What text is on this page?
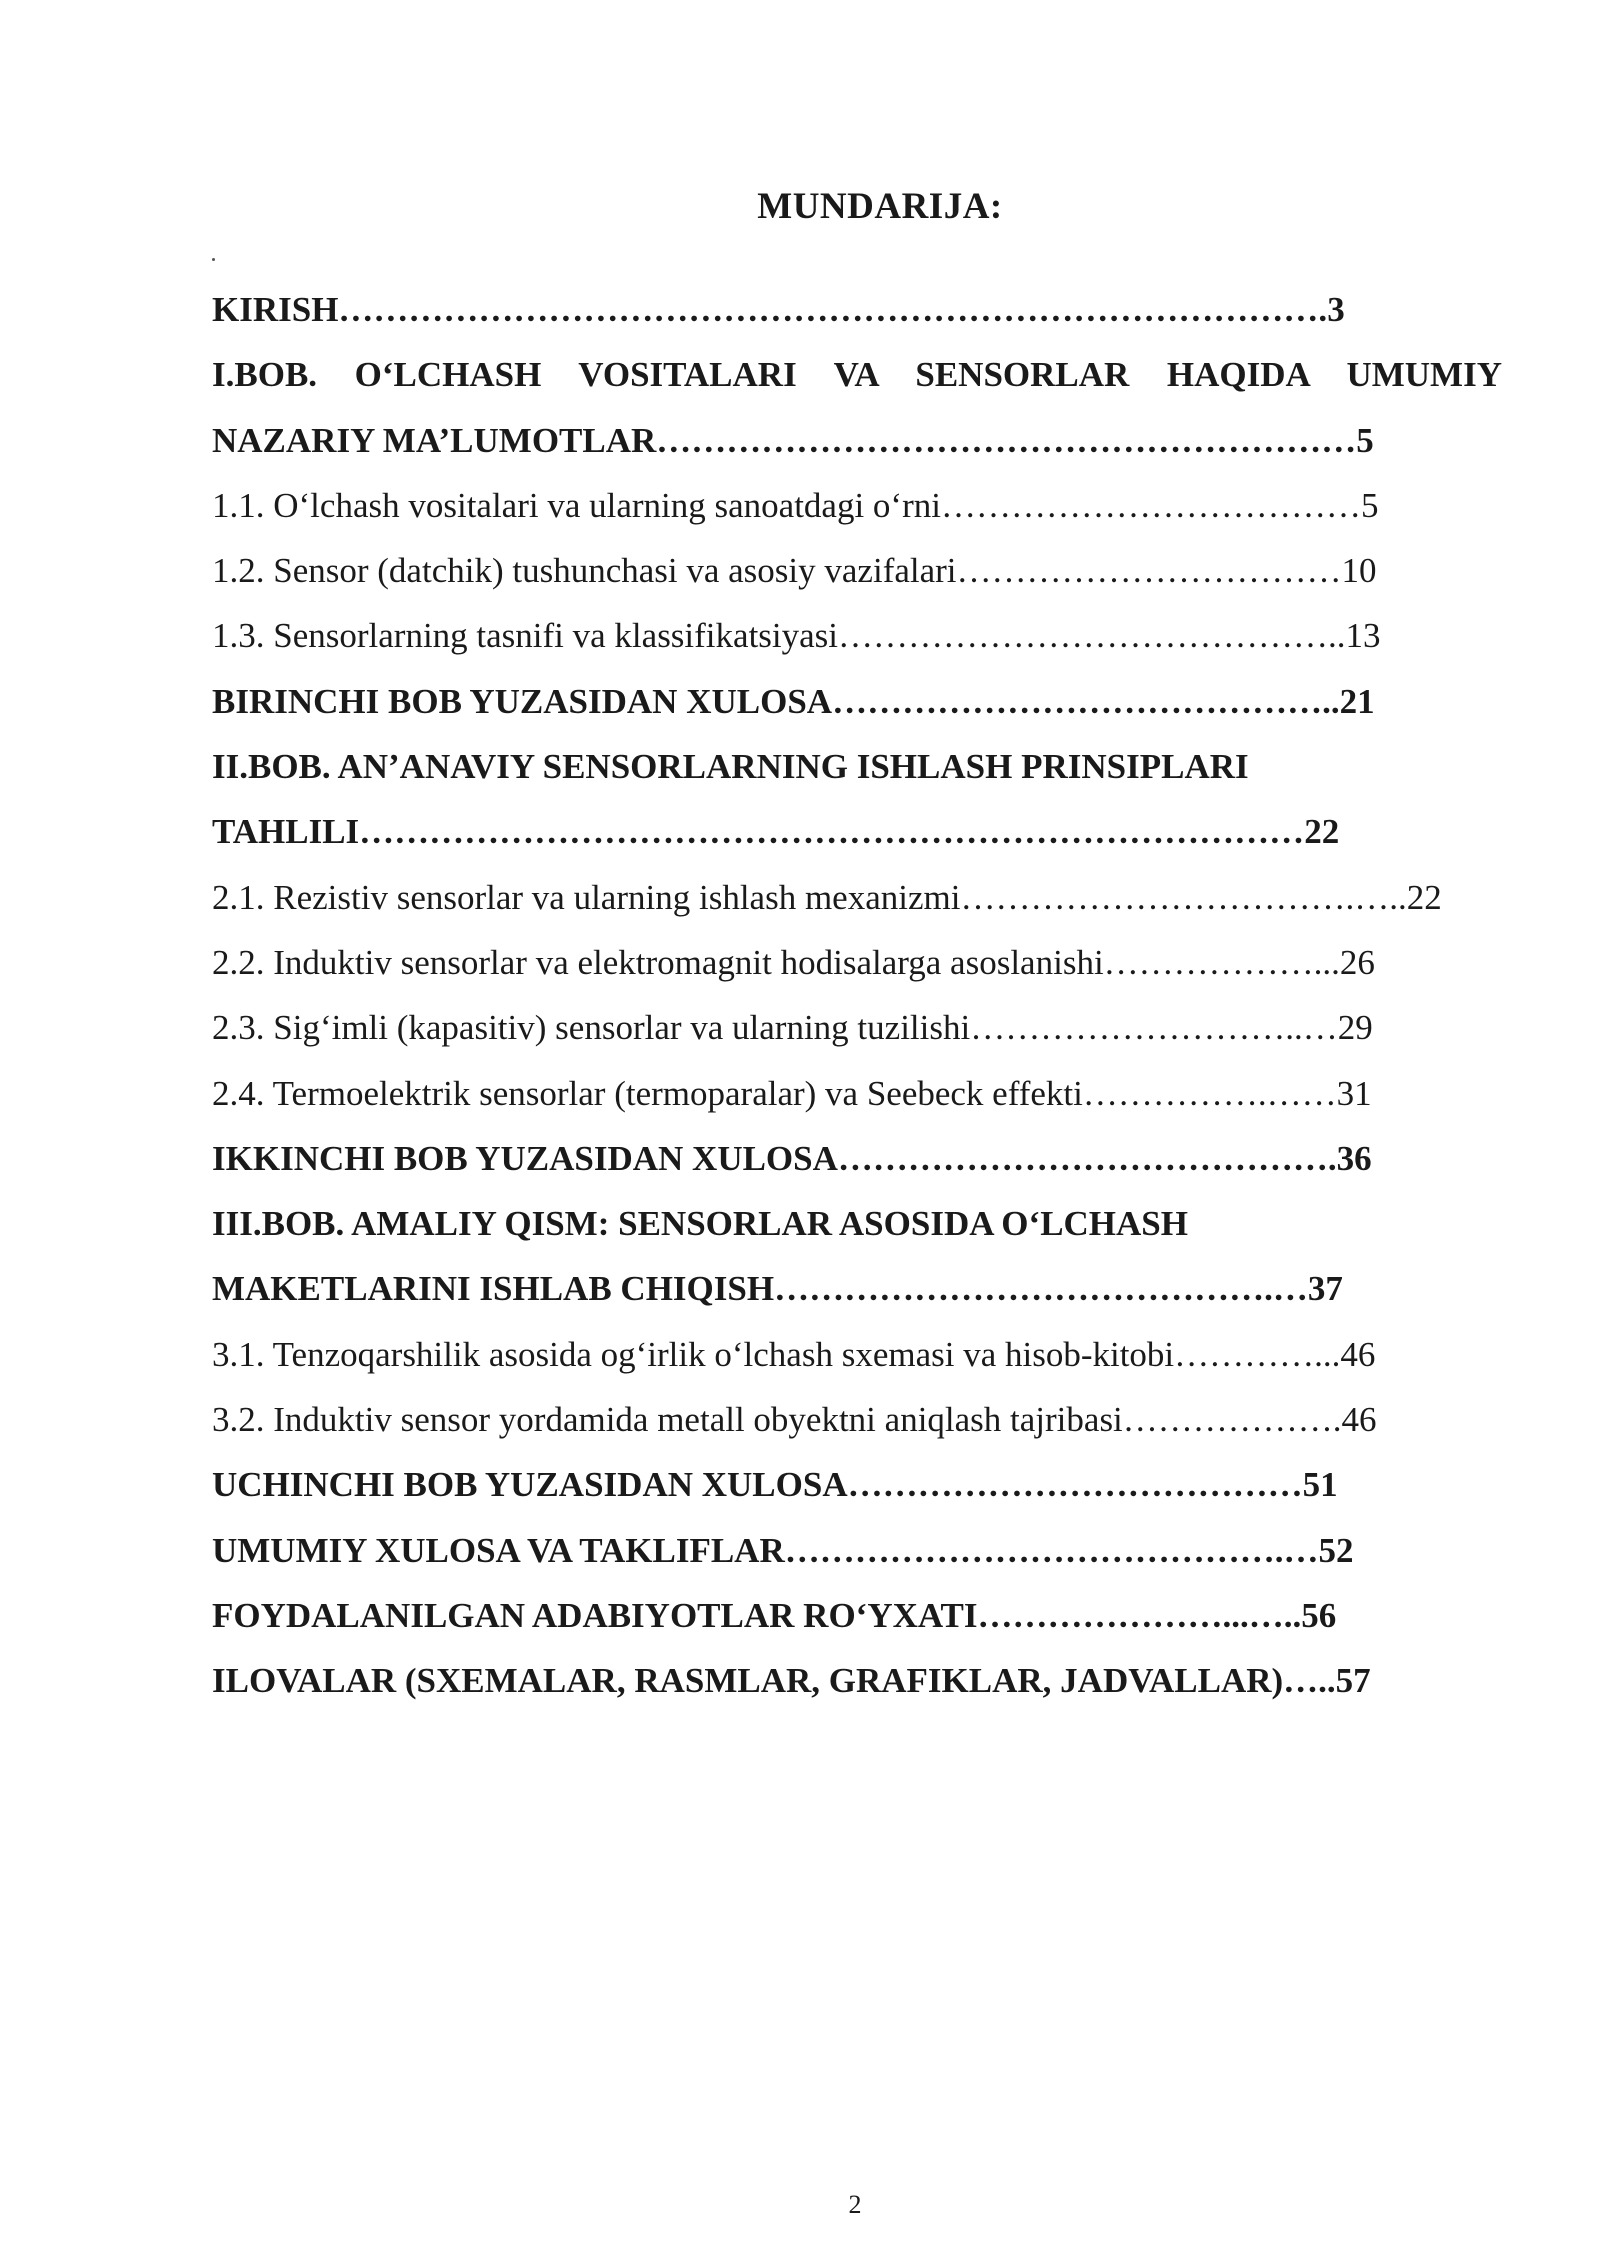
MUNDARIJA:
KIRISH………………………………………………………………………….3
I.BOB. O‘LCHASH VOSITALARI VA SENSORLAR HAQIDA UMUMIY
NAZARIY MA’LUMOTLAR……………………………………………………5
1.1. O‘lchash vositalari va ularning sanoatdagi o‘rni………………………………5
1.2. Sensor (datchik) tushunchasi va asosiy vazifalari……………………………10
1.3. Sensorlarning tasnifi va klassifikatsiyasi……………………………………..13
BIRINCHI BOB YUZASIDAN XULOSA……………………………………..21
II.BOB. AN’ANAVIY SENSORLARNING ISHLASH PRINSIPLARI
TAHLILI………………………………………………………………………22
2.1. Rezistiv sensorlar va ularning ishlash mexanizmi…………………………….…..22
2.2. Induktiv sensorlar va elektromagnit hodisalarga asoslanishi………………...26
2.3. Sig‘imli (kapasitiv) sensorlar va ularning tuzilishi………………………..…29
2.4. Termoelektrik sensorlar (termoparalar) va Seebeck effekti…………….……31
IKKINCHI BOB YUZASIDAN XULOSA…………………………………….36
III.BOB. AMALIY QISM: SENSORLAR ASOSIDA O‘LCHASH
MAKETLARINI ISHLAB CHIQISH…………………………………….…37
3.1. Tenzoqarshilik asosida og‘irlik o‘lchash sxemasi va hisob-kitobi…………...46
3.2. Induktiv sensor yordamida metall obyektni aniqlash tajribasi……………….46
UCHINCHI BOB YUZASIDAN XULOSA…………………………………51
UMUMIY XULOSA VA TAKLIFLAR…………………………………….…52
FOYDALANILGAN ADABIYOTLAR RO‘YXATI…………………...…..56
ILOVALAR (SXEMALAR, RASMLAR, GRAFIKLAR, JADVALLAR)…..57
2
